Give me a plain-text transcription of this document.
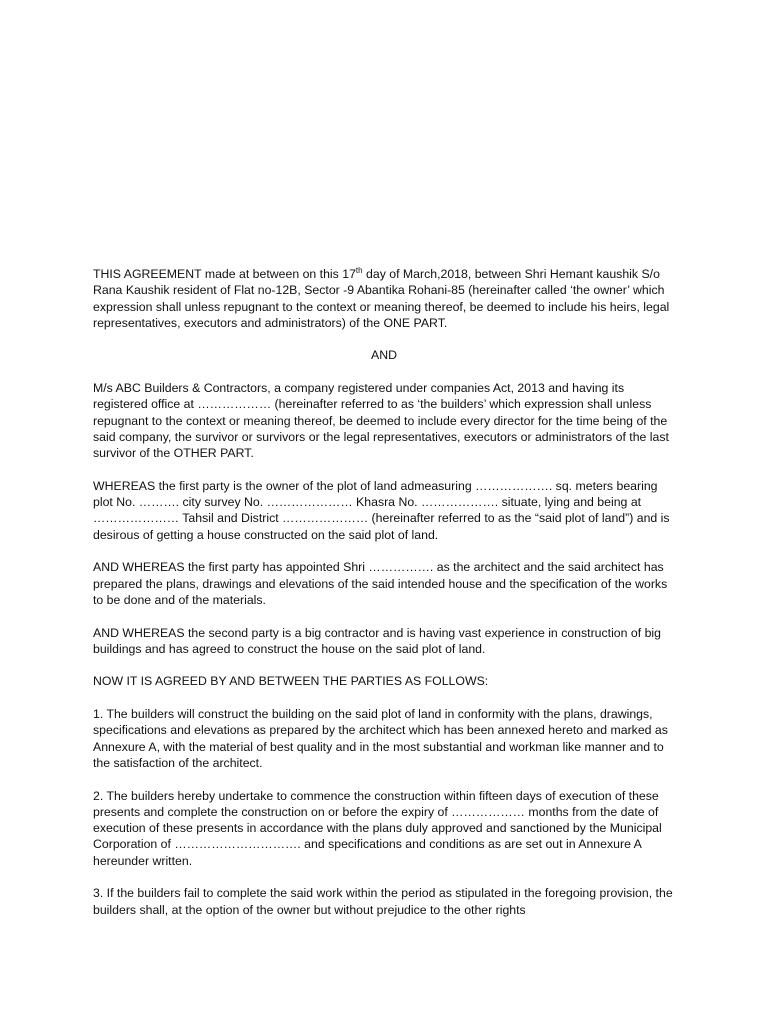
THIS AGREEMENT made at between on this 17th day of March,2018, between Shri Hemant kaushik S/o Rana Kaushik resident of Flat no-12B, Sector -9 Abantika Rohani-85 (hereinafter called ‘the owner’ which expression shall unless repugnant to the context or meaning thereof, be deemed to include his heirs, legal representatives, executors and administrators) of the ONE PART.

AND

M/s ABC Builders & Contractors, a company registered under companies Act, 2013 and having its registered office at ……………… (hereinafter referred to as ‘the builders’ which expression shall unless repugnant to the context or meaning thereof, be deemed to include every director for the time being of the said company, the survivor or survivors or the legal representatives, executors or administrators of the last survivor of the OTHER PART.

WHEREAS the first party is the owner of the plot of land admeasuring ………………. sq. meters bearing plot No. ………. city survey No. ………………… Khasra No. ………………. situate, lying and being at ………………… Tahsil and District ………………… (hereinafter referred to as the “said plot of land”) and is desirous of getting a house constructed on the said plot of land.

AND WHEREAS the first party has appointed Shri ……………. as the architect and the said architect has prepared the plans, drawings and elevations of the said intended house and the specification of the works to be done and of the materials.

AND WHEREAS the second party is a big contractor and is having vast experience in construction of big buildings and has agreed to construct the house on the said plot of land.

NOW IT IS AGREED BY AND BETWEEN THE PARTIES AS FOLLOWS:

1. The builders will construct the building on the said plot of land in conformity with the plans, drawings, specifications and elevations as prepared by the architect which has been annexed hereto and marked as Annexure A, with the material of best quality and in the most substantial and workman like manner and to the satisfaction of the architect.

2. The builders hereby undertake to commence the construction within fifteen days of execution of these presents and complete the construction on or before the expiry of ……………… months from the date of execution of these presents in accordance with the plans duly approved and sanctioned by the Municipal Corporation of …………………………. and specifications and conditions as are set out in Annexure A hereunder written.

3. If the builders fail to complete the said work within the period as stipulated in the foregoing provision, the builders shall, at the option of the owner but without prejudice to the other rights
